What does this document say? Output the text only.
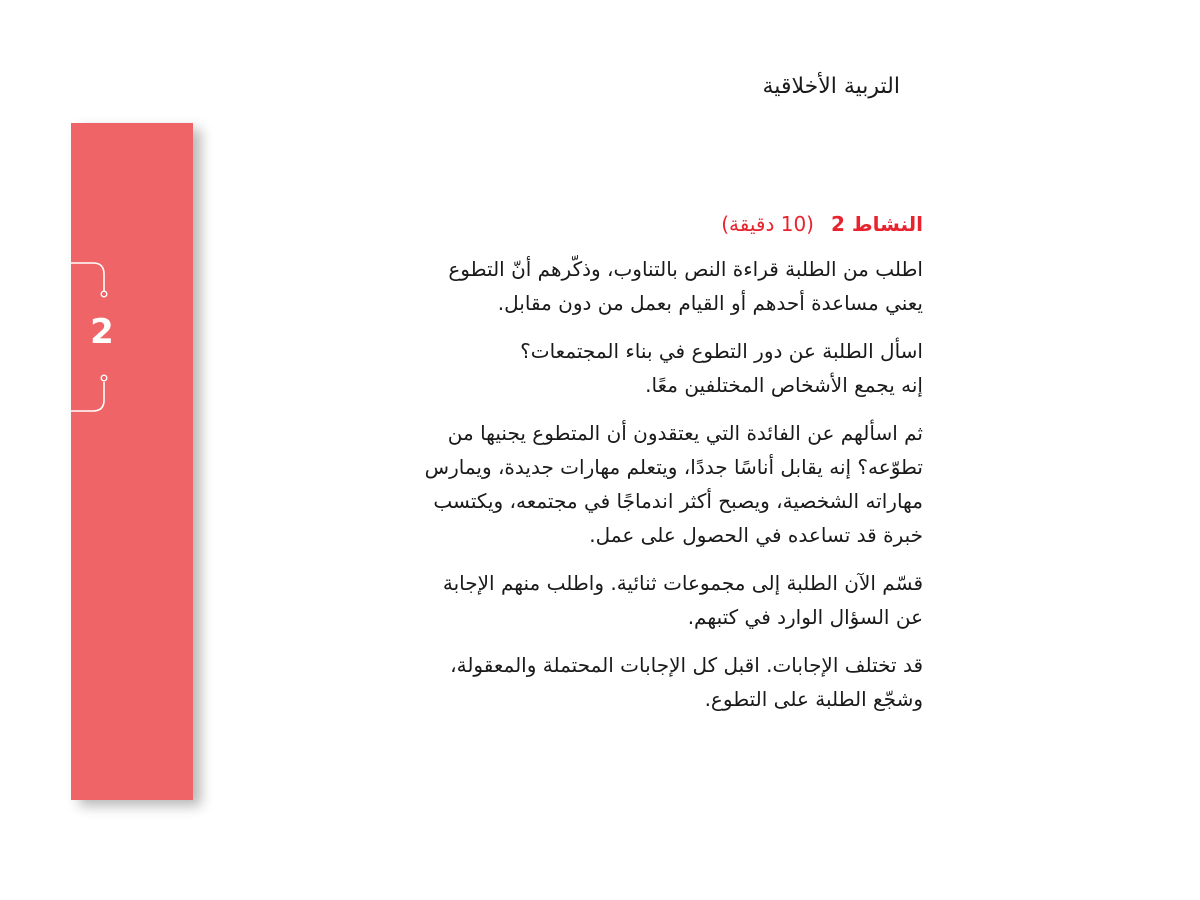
التربية الأخلاقية
2
النشاط 2 (10 دقيقة)
اطلب من الطلبة قراءة النص بالتناوب، وذكّرهم أنّ التطوع
يعني مساعدة أحدهم أو القيام بعمل من دون مقابل.
اسأل الطلبة عن دور التطوع في بناء المجتمعات؟
إنه يجمع الأشخاص المختلفين معًا.
ثم اسألهم عن الفائدة التي يعتقدون أن المتطوع يجنيها من
تطوّعه؟ إنه يقابل أناسًا جددًا، ويتعلم مهارات جديدة، ويمارس
مهاراته الشخصية، ويصبح أكثر اندماجًا في مجتمعه، ويكتسب
خبرة قد تساعده في الحصول على عمل.
قسّم الآن الطلبة إلى مجموعات ثنائية. واطلب منهم الإجابة
عن السؤال الوارد في كتبهم.
قد تختلف الإجابات. اقبل كل الإجابات المحتملة والمعقولة،
وشجّع الطلبة على التطوع.
